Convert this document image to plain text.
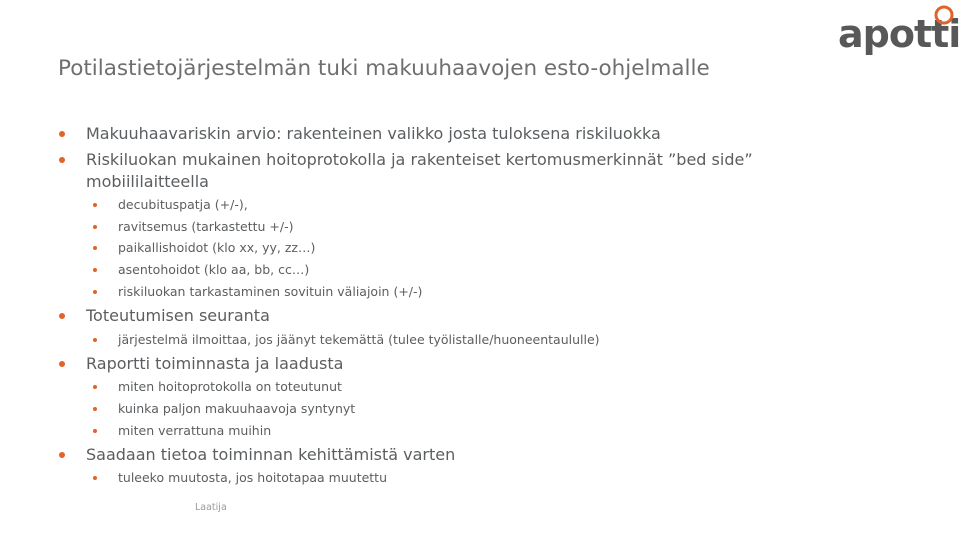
apotti
Potilastietojärjestelmän tuki makuuhaavojen esto-ohjelmalle
Makuuhaavariskin arvio: rakenteinen valikko josta tuloksena riskiluokka
Riskiluokan mukainen hoitoprotokolla ja rakenteiset kertomusmerkinnät ”bed side”
mobiililaitteella
decubituspatja (+/-),
ravitsemus (tarkastettu +/-)
paikallishoidot (klo xx, yy, zz…)
asentohoidot (klo aa, bb, cc…)
riskiluokan tarkastaminen sovituin väliajoin (+/-)
Toteutumisen seuranta
järjestelmä ilmoittaa, jos jäänyt tekemättä (tulee työlistalle/huoneentaululle)
Raportti toiminnasta ja laadusta
miten hoitoprotokolla on toteutunut
kuinka paljon makuuhaavoja syntynyt
miten verrattuna muihin
Saadaan tietoa toiminnan kehittämistä varten
tuleeko muutosta, jos hoitotapaa muutettu
Laatija
